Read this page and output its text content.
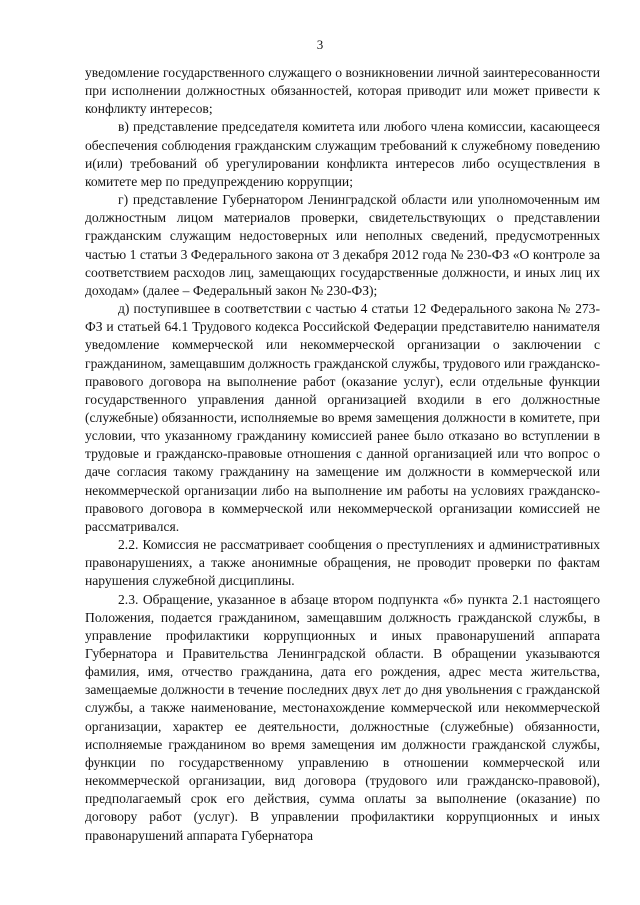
3

уведомление государственного служащего о возникновении личной заинтересованности при исполнении должностных обязанностей, которая приводит или может привести к конфликту интересов;

в) представление председателя комитета или любого члена комиссии, касающееся обеспечения соблюдения гражданским служащим требований к служебному поведению и(или) требований об урегулировании конфликта интересов либо осуществления в комитете мер по предупреждению коррупции;

г) представление Губернатором Ленинградской области или уполномоченным им должностным лицом материалов проверки, свидетельствующих о представлении гражданским служащим недостоверных или неполных сведений, предусмотренных частью 1 статьи 3 Федерального закона от 3 декабря 2012 года № 230-ФЗ «О контроле за соответствием расходов лиц, замещающих государственные должности, и иных лиц их доходам» (далее – Федеральный закон № 230-ФЗ);

д) поступившее в соответствии с частью 4 статьи 12 Федерального закона № 273-ФЗ и статьей 64.1 Трудового кодекса Российской Федерации представителю нанимателя уведомление коммерческой или некоммерческой организации о заключении с гражданином, замещавшим должность гражданской службы, трудового или гражданско-правового договора на выполнение работ (оказание услуг), если отдельные функции государственного управления данной организацией входили в его должностные (служебные) обязанности, исполняемые во время замещения должности в комитете, при условии, что указанному гражданину комиссией ранее было отказано во вступлении в трудовые и гражданско-правовые отношения с данной организацией или что вопрос о даче согласия такому гражданину на замещение им должности в коммерческой или некоммерческой организации либо на выполнение им работы на условиях гражданско-правового договора в коммерческой или некоммерческой организации комиссией не рассматривался.

2.2. Комиссия не рассматривает сообщения о преступлениях и административных правонарушениях, а также анонимные обращения, не проводит проверки по фактам нарушения служебной дисциплины.

2.3. Обращение, указанное в абзаце втором подпункта «б» пункта 2.1 настоящего Положения, подается гражданином, замещавшим должность гражданской службы, в управление профилактики коррупционных и иных правонарушений аппарата Губернатора и Правительства Ленинградской области. В обращении указываются фамилия, имя, отчество гражданина, дата его рождения, адрес места жительства, замещаемые должности в течение последних двух лет до дня увольнения с гражданской службы, а также наименование, местонахождение коммерческой или некоммерческой организации, характер ее деятельности, должностные (служебные) обязанности, исполняемые гражданином во время замещения им должности гражданской службы, функции по государственному управлению в отношении коммерческой или некоммерческой организации, вид договора (трудового или гражданско-правовой), предполагаемый срок его действия, сумма оплаты за выполнение (оказание) по договору работ (услуг). В управлении профилактики коррупционных и иных правонарушений аппарата Губернатора
